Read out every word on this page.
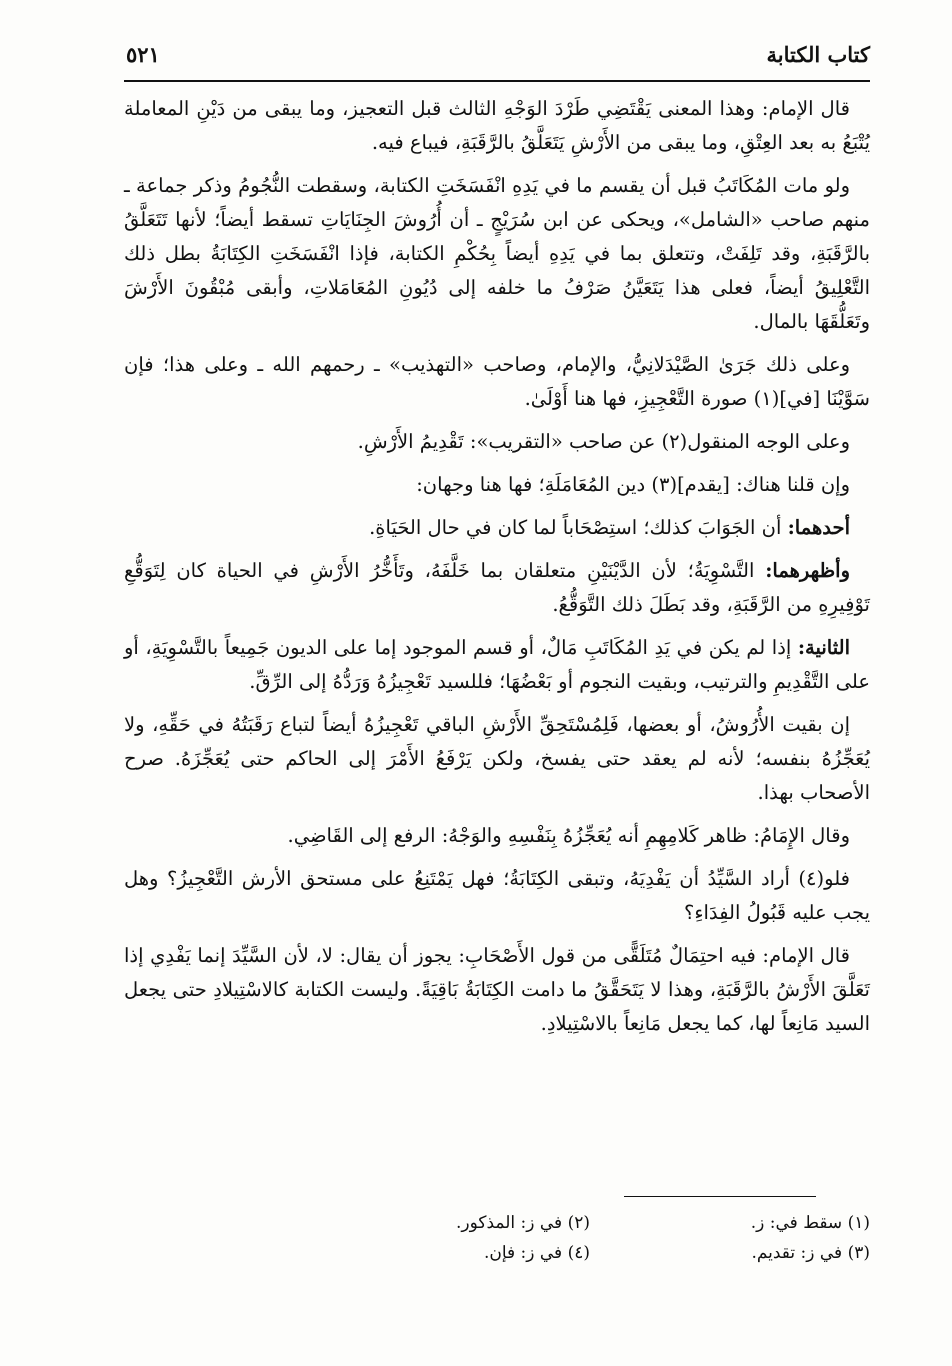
كتاب الكتابة
٥٢١

قال الإمام: وهذا المعنى يَقْتَضِي طَرْدَ الوَجْهِ الثالث قبل التعجيز، وما يبقى من دَيْنِ المعاملة يُتْبَعُ به بعد العِتْقِ، وما يبقى من الأَرْشِ يَتَعَلَّقُ بالرَّقَبَةِ، فيباع فيه.

ولو مات المُكَاتَبُ قبل أن يقسم ما في يَدِهِ انْفَسَخَتِ الكتابة، وسقطت النُّجُومُ وذكر جماعة ـ منهم صاحب «الشامل»، ويحكى عن ابن سُرَيْجٍ ـ أن أُرُوشَ الجِنَايَاتِ تسقط أيضاً؛ لأنها تَتَعَلَّقُ بالرَّقَبَةِ، وقد تَلِفَتْ، وتتعلق بما في يَدِهِ أيضاً بِحُكْمِ الكتابة، فإذا انْفَسَخَتِ الكِتَابَةُ بطل ذلك التَّعْلِيقُ أيضاً، فعلى هذا يَتَعَيَّنُ صَرْفُ ما خلفه إلى دُيُونِ المُعَامَلاتِ، وأبقى مُبْقُونَ الأَرْشَ وتَعَلُّقَهَا بالمال.

وعلى ذلك جَرَىٰ الصَّيْدَلانِيُّ، والإمام، وصاحب «التهذيب» ـ رحمهم الله ـ وعلى هذا؛ فإن سَوَّيْنَا [في](١) صورة التَّعْجِيزِ، فها هنا أَوْلَىٰ.

وعلى الوجه المنقول(٢) عن صاحب «التقريب»: تَقْدِيمُ الأَرْشِ.

وإن قلنا هناك: [يقدم](٣) دين المُعَامَلَةِ؛ فها هنا وجهان:

أحدهما: أن الجَوَابَ كذلك؛ استِصْحَاباً لما كان في حال الحَيَاةِ.

وأظهرهما: التَّسْوِيَةُ؛ لأن الدَّيْنَيْنِ متعلقان بما خَلَّفَهُ، وتَأَخُّرُ الأَرْشِ في الحياة كان لِتَوَقُّعِ تَوْفِيرِهِ من الرَّقَبَةِ، وقد بَطَلَ ذلك التَّوَقُّعُ.

الثانية: إذا لم يكن في يَدِ المُكَاتَبِ مَالٌ، أو قسم الموجود إما على الديون جَمِيعاً بالتَّسْوِيَةِ، أو على التَّقْدِيمِ والترتيب، وبقيت النجوم أو بَعْضُهَا؛ فللسيد تَعْجِيزُهُ وَرَدُّهُ إلى الرِّقِّ.

إن بقيت الأُرُوشُ، أو بعضها، فَلِمُسْتَحِقِّ الأَرْشِ الباقي تَعْجِيزُهُ أيضاً لتباع رَقَبَتُهُ في حَقِّهِ، ولا يُعَجِّزُهُ بنفسه؛ لأنه لم يعقد حتى يفسخ، ولكن يَرْفَعُ الأَمْرَ إلى الحاكم حتى يُعَجِّزَهُ. صرح الأصحاب بهذا.

وقال الإِمَامُ: ظاهر كَلامِهِمِ أنه يُعَجِّزُهُ بِنَفْسِهِ والوَجْهُ: الرفع إلى القَاضِي.

فلو(٤) أراد السَّيِّدُ أن يَفْدِيَهُ، وتبقى الكِتَابَةُ؛ فهل يَمْتَنِعُ على مستحق الأرش التَّعْجِيزُ؟ وهل يجب عليه قَبُولُ الفِدَاءِ؟

قال الإمام: فيه احتِمَالٌ مُتَلَقًّى من قول الأَصْحَابِ: يجوز أن يقال: لا، لأن السَّيِّدَ إنما يَفْدِي إذا تَعَلَّقَ الأَرْشُ بالرَّقَبَةِ، وهذا لا يَتَحَقَّقُ ما دامت الكِتَابَةُ بَاقِيَةً. وليست الكتابة كالاسْتِيلادِ حتى يجعل السيد مَانِعاً لها، كما يجعل مَانِعاً بالاسْتِيلادِ.

(١) سقط في: ز.
(٢) في ز: المذكور.
(٣) في ز: تقديم.
(٤) في ز: فإن.
